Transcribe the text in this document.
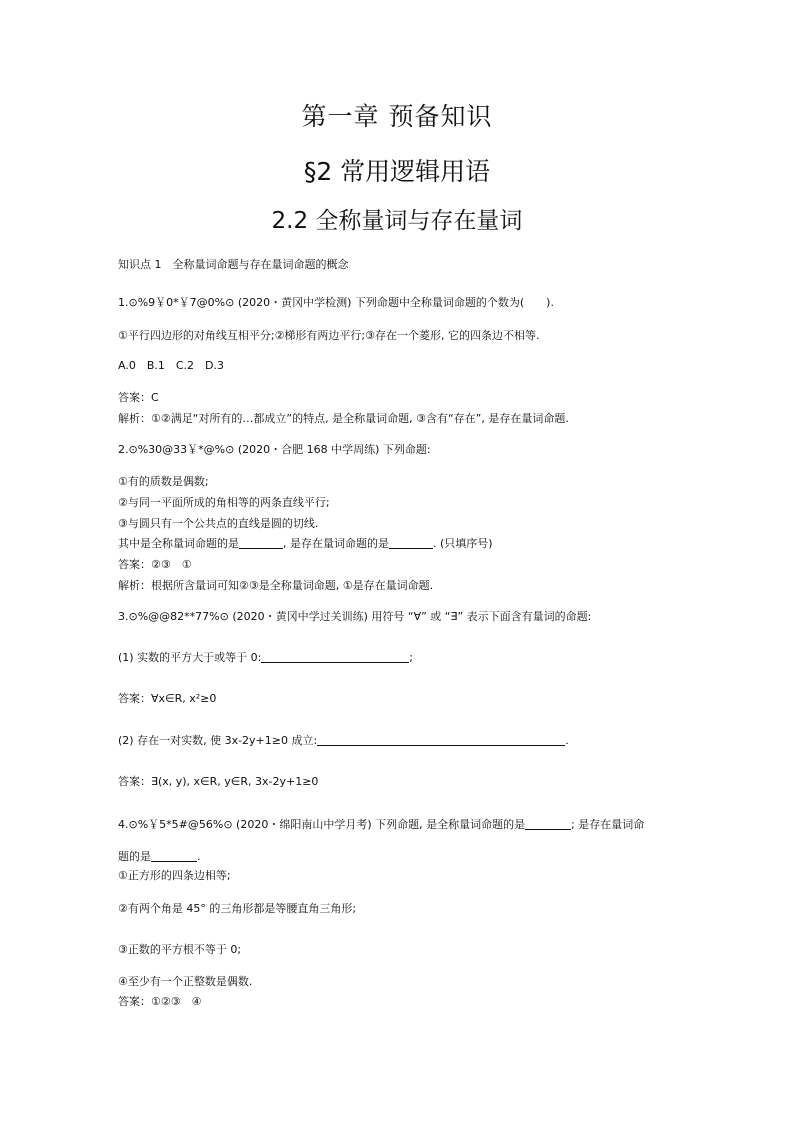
第一章 预备知识
§2 常用逻辑用语
2.2 全称量词与存在量词
知识点 1　全称量词命题与存在量词命题的概念
1.⊙%9￥0*￥7@0%⊙ (2020・黄冈中学检测) 下列命题中全称量词命题的个数为(　　).
①平行四边形的对角线互相平分;②梯形有两边平行;③存在一个菱形, 它的四条边不相等.
A.0　B.1　C.2　D.3
答案：C
解析：①②满足“对所有的…都成立”的特点, 是全称量词命题, ③含有“存在”, 是存在量词命题.
2.⊙%30@33￥*@%⊙ (2020・合肥 168 中学周练) 下列命题:
①有的质数是偶数;
②与同一平面所成的角相等的两条直线平行;
③与圆只有一个公共点的直线是圆的切线.
其中是全称量词命题的是	, 是存在量词命题的是	. (只填序号)
答案：②③　①
解析：根据所含量词可知②③是全称量词命题, ①是存在量词命题.
3.⊙%@@82**77%⊙ (2020・黄冈中学过关训练) 用符号 “∀” 或 “∃” 表示下面含有量词的命题:
(1) 实数的平方大于或等于 0:	;
答案：∀x∈R, x²≥0
(2) 存在一对实数, 使 3x-2y+1≥0 成立:	.
答案：∃(x, y), x∈R, y∈R, 3x-2y+1≥0
4.⊙%￥5*5#@56%⊙ (2020・绵阳南山中学月考) 下列命题, 是全称量词命题的是	; 是存在量词命
题的是	.
①正方形的四条边相等;
②有两个角是 45° 的三角形都是等腰直角三角形;
③正数的平方根不等于 0;
④至少有一个正整数是偶数.
答案：①②③　④
